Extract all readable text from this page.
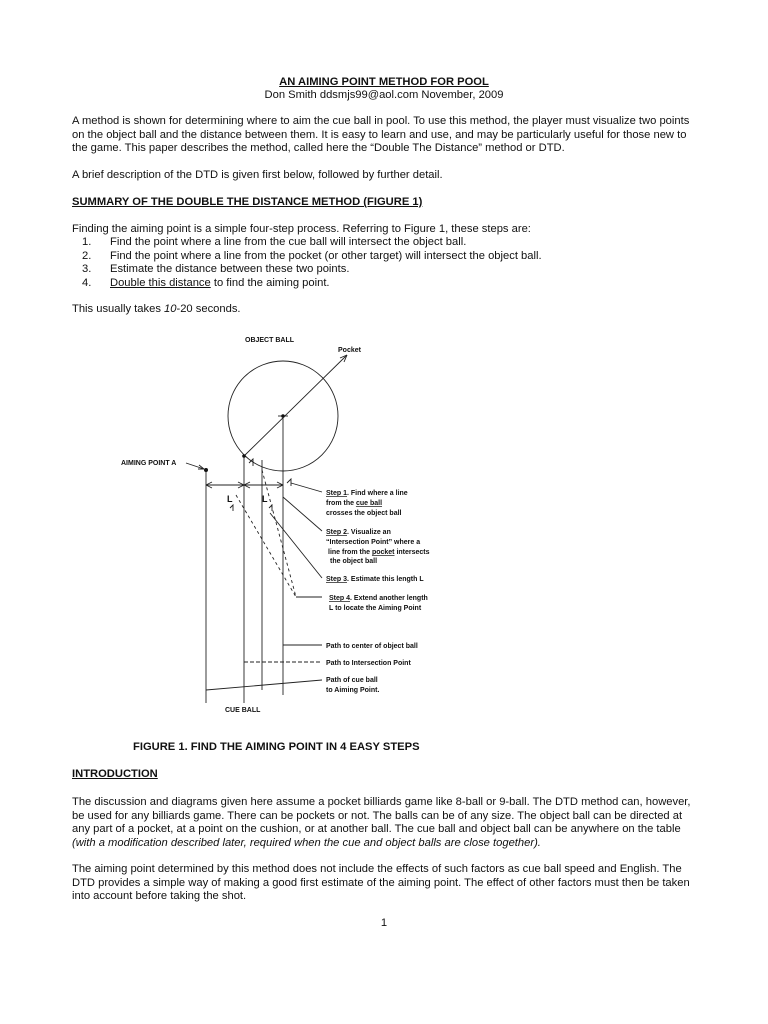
AN AIMING POINT METHOD FOR POOL
Don Smith ddsmjs99@aol.com November, 2009
A method is shown for determining where to aim the cue ball in pool. To use this method, the player must visualize two points
on the object ball and the distance between them. It is easy to learn and use, and may be particularly useful for those new to
the game. This paper describes the method, called here the “Double The Distance” method or DTD.
A brief description of the DTD is given first below, followed by further detail.
SUMMARY OF THE DOUBLE THE DISTANCE METHOD (FIGURE 1)
Finding the aiming point is a simple four-step process. Referring to Figure 1, these steps are:
1. Find the point where a line from the cue ball will intersect the object ball.
2. Find the point where a line from the pocket (or other target) will intersect the object ball.
3. Estimate the distance between these two points.
4. Double this distance to find the aiming point.
This usually takes 10-20 seconds.
OBJECT BALL
Pocket
AIMING POINT A
L	L
CUE BALL
Step 1. Find where a line
from the cue ball
crosses the object ball
Step 2. Visualize an
“Intersection Point” where a
line from the pocket intersects
the object ball
Step 3. Estimate this length L
Step 4. Extend another length
L to locate the Aiming Point
Path to center of object ball
Path to Intersection Point
Path of cue ball
to Aiming Point.
FIGURE 1. FIND THE AIMING POINT IN 4 EASY STEPS
INTRODUCTION
The discussion and diagrams given here assume a pocket billiards game like 8-ball or 9-ball. The DTD method can, however,
be used for any billiards game. There can be pockets or not. The balls can be of any size. The object ball can be directed at
any part of a pocket, at a point on the cushion, or at another ball. The cue ball and object ball can be anywhere on the table
(with a modification described later, required when the cue and object balls are close together).
The aiming point determined by this method does not include the effects of such factors as cue ball speed and English. The
DTD provides a simple way of making a good first estimate of the aiming point. The effect of other factors must then be taken
into account before taking the shot.
1
